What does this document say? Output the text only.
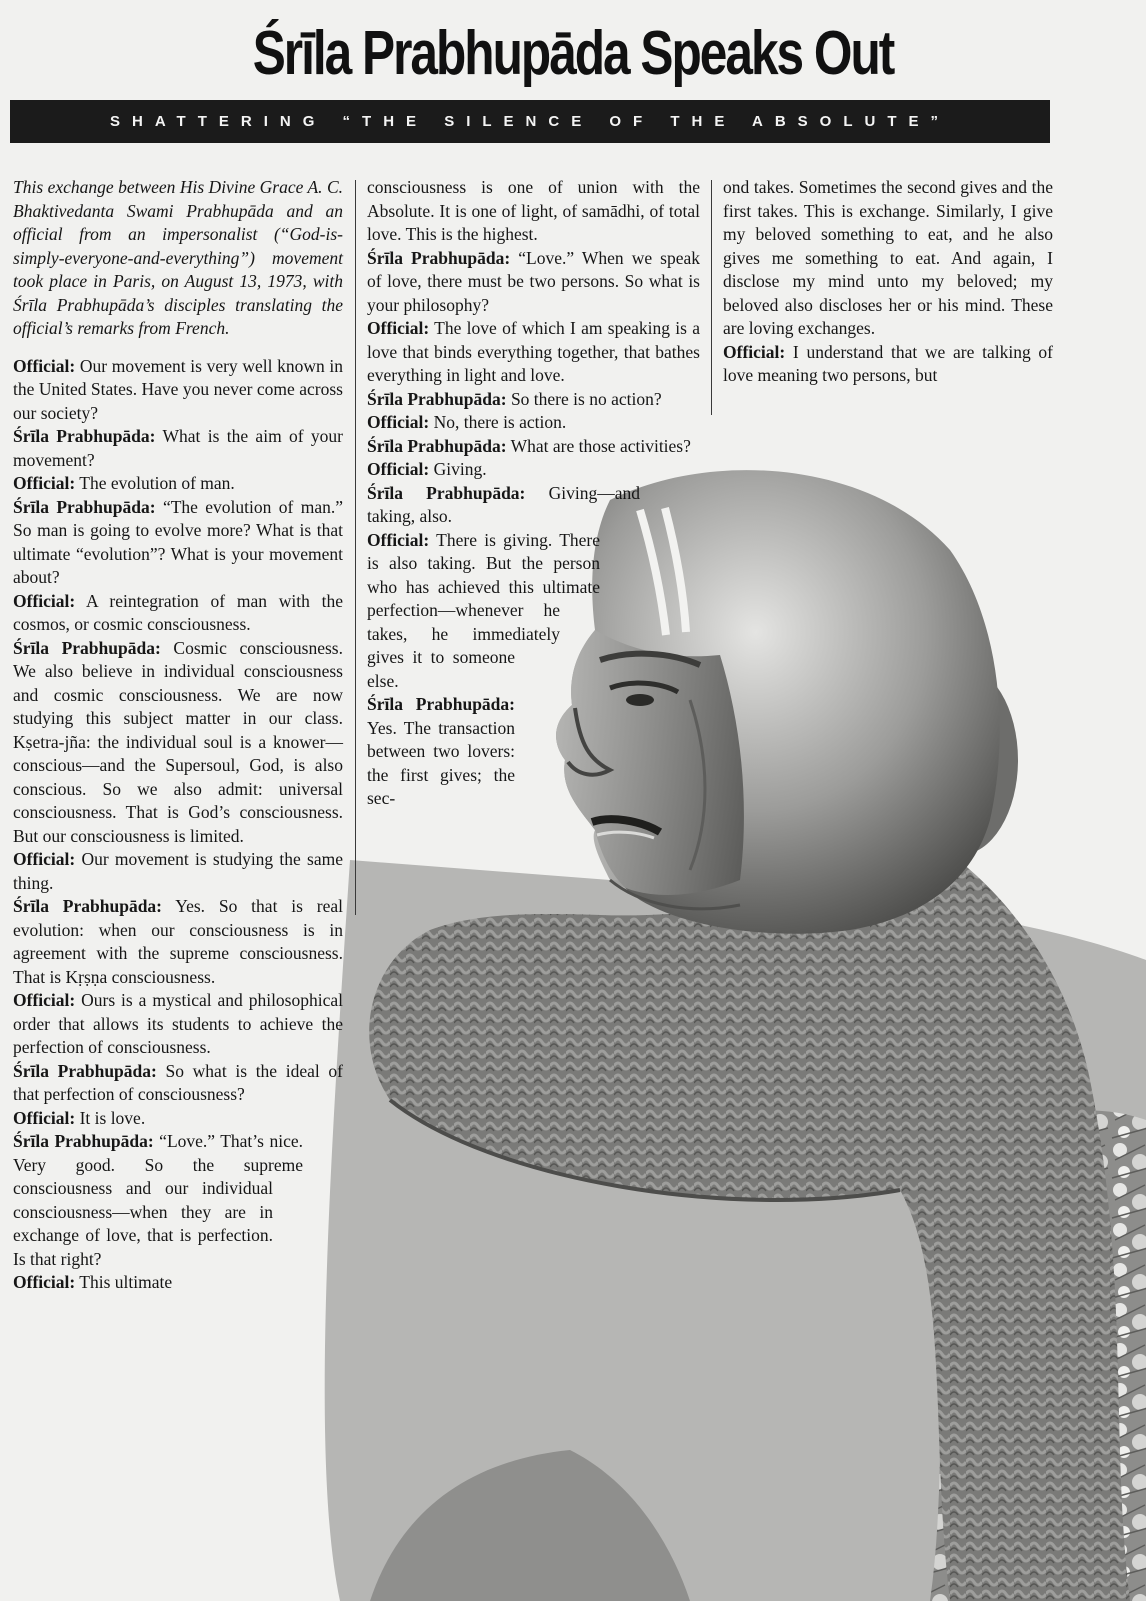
Śrīla Prabhupāda Speaks Out
SHATTERING “THE SILENCE OF THE ABSOLUTE”

This exchange between His Divine Grace A. C. Bhaktivedanta Swami Prabhupāda and an official from an impersonalist (“God-is-simply-everyone-and-everything”) movement took place in Paris, on August 13, 1973, with Śrīla Prabhupāda’s disciples translating the official’s remarks from French.

Official: Our movement is very well known in the United States. Have you never come across our society?

Śrīla Prabhupāda: What is the aim of your movement?

Official: The evolution of man.

Śrīla Prabhupāda: “The evolution of man.” So man is going to evolve more? What is that ultimate “evolution”? What is your movement about?

Official: A reintegration of man with the cosmos, or cosmic consciousness.

Śrīla Prabhupāda: Cosmic consciousness. We also believe in individual consciousness and cosmic consciousness. We are now studying this subject matter in our class. Kṣetra-jña: the individual soul is a knower—conscious—and the Supersoul, God, is also conscious. So we also admit: universal consciousness. That is God’s consciousness. But our consciousness is limited.

Official: Our movement is studying the same thing.

Śrīla Prabhupāda: Yes. So that is real evolution: when our consciousness is in agreement with the supreme consciousness. That is Kṛṣṇa consciousness.

Official: Ours is a mystical and philosophical order that allows its students to achieve the perfection of consciousness.

Śrīla Prabhupāda: So what is the ideal of that perfection of consciousness?

Official: It is love.

Śrīla Prabhupāda: “Love.” That’s nice. Very good. So the supreme consciousness and our individual consciousness—when they are in exchange of love, that is perfection. Is that right?

Official: This ultimate

consciousness is one of union with the Absolute. It is one of light, of samādhi, of total love. This is the highest.

Śrīla Prabhupāda: “Love.” When we speak of love, there must be two persons. So what is your philosophy?

Official: The love of which I am speaking is a love that binds everything together, that bathes everything in light and love.

Śrīla Prabhupāda: So there is no action?

Official: No, there is action.

Śrīla Prabhupāda: What are those activities?

Official: Giving.

Śrīla Prabhupāda: Giving—and taking, also.

Official: There is giving. There is also taking. But the person who has achieved this ultimate perfection—whenever he takes, he immediately gives it to someone else.

Śrīla Prabhupāda: Yes. The transaction between two lovers: the first gives; the sec-

ond takes. Sometimes the second gives and the first takes. This is exchange. Similarly, I give my beloved something to eat, and he also gives me something to eat. And again, I disclose my mind unto my beloved; my beloved also discloses her or his mind. These are loving exchanges.

Official: I understand that we are talking of love meaning two persons, but
